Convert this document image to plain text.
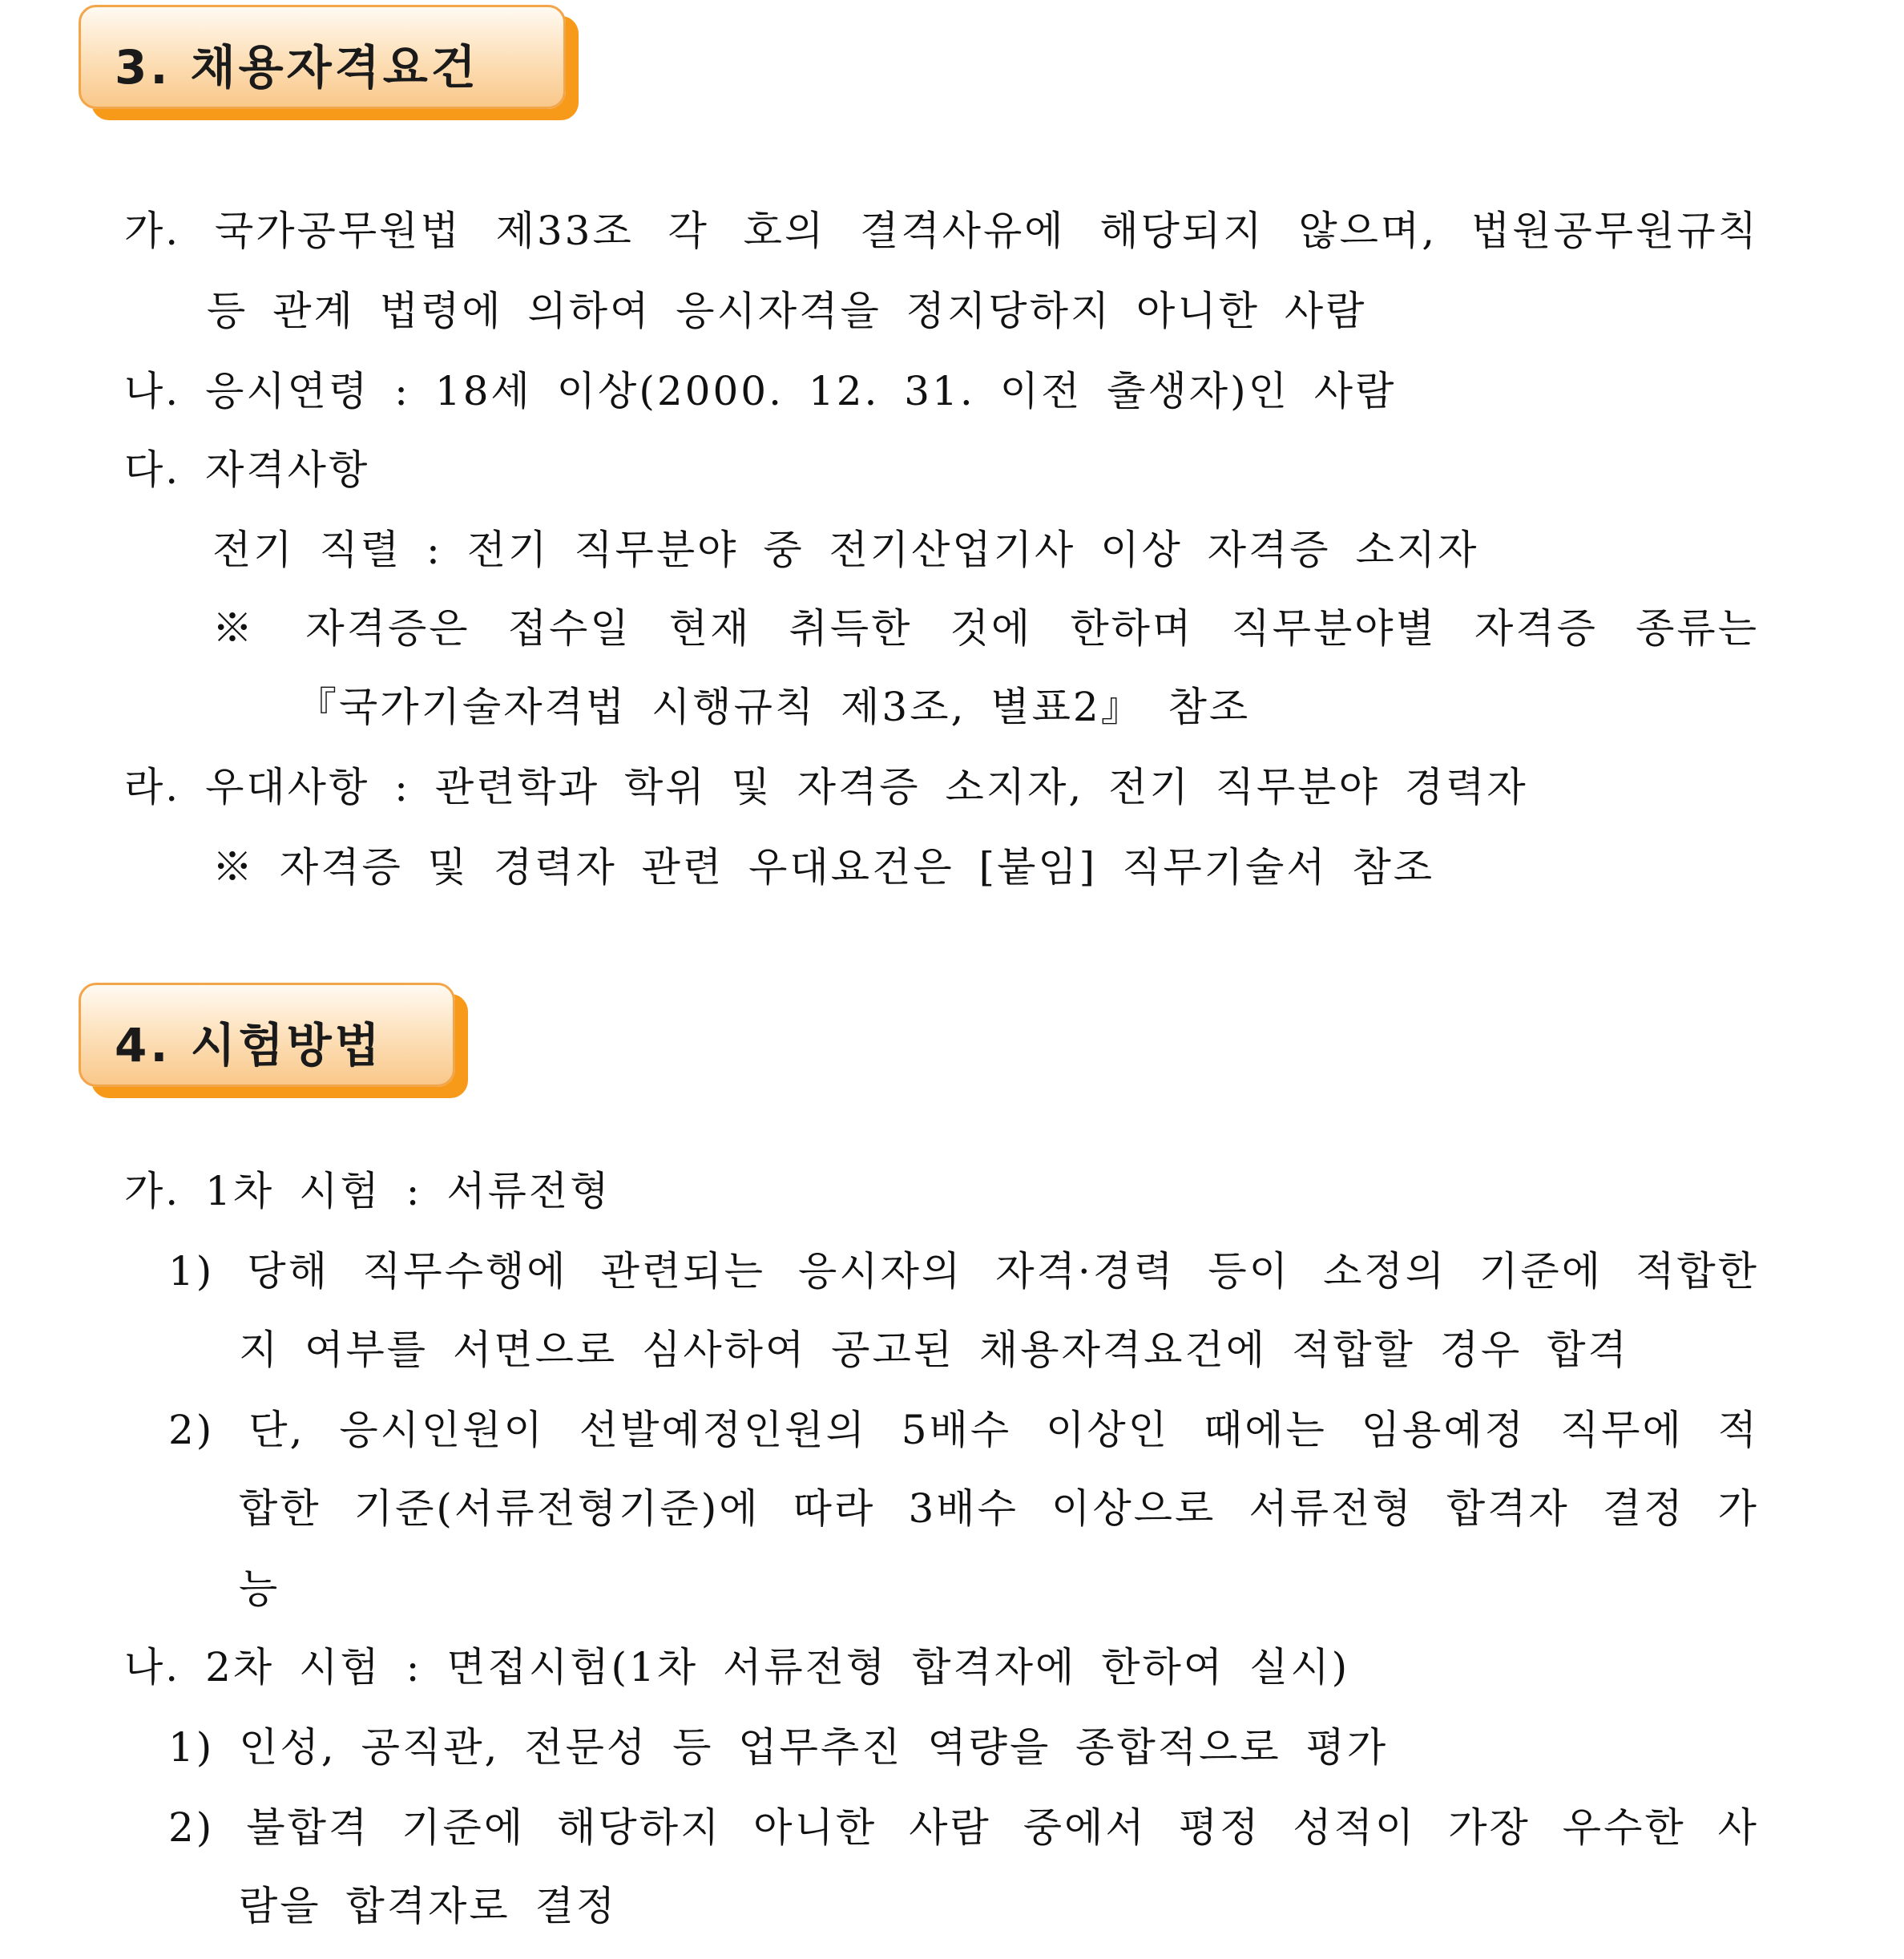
3. 채용자격요건
가. 국가공무원법 제33조 각 호의 결격사유에 해당되지 않으며, 법원공무원규칙
등 관계 법령에 의하여 응시자격을 정지당하지 아니한 사람
나. 응시연령 : 18세 이상(2000. 12. 31. 이전 출생자)인 사람
다. 자격사항
전기 직렬 : 전기 직무분야 중 전기산업기사 이상 자격증 소지자
※ 자격증은 접수일 현재 취득한 것에 한하며 직무분야별 자격증 종류는
『국가기술자격법 시행규칙 제3조, 별표2』 참조
라. 우대사항 : 관련학과 학위 및 자격증 소지자, 전기 직무분야 경력자
※ 자격증 및 경력자 관련 우대요건은 [붙임] 직무기술서 참조
4. 시험방법
가. 1차 시험 : 서류전형
1) 당해 직무수행에 관련되는 응시자의 자격·경력 등이 소정의 기준에 적합한
지 여부를 서면으로 심사하여 공고된 채용자격요건에 적합할 경우 합격
2) 단, 응시인원이 선발예정인원의 5배수 이상인 때에는 임용예정 직무에 적
합한 기준(서류전형기준)에 따라 3배수 이상으로 서류전형 합격자 결정 가
능
나. 2차 시험 : 면접시험(1차 서류전형 합격자에 한하여 실시)
1) 인성, 공직관, 전문성 등 업무추진 역량을 종합적으로 평가
2) 불합격 기준에 해당하지 아니한 사람 중에서 평정 성적이 가장 우수한 사
람을 합격자로 결정
